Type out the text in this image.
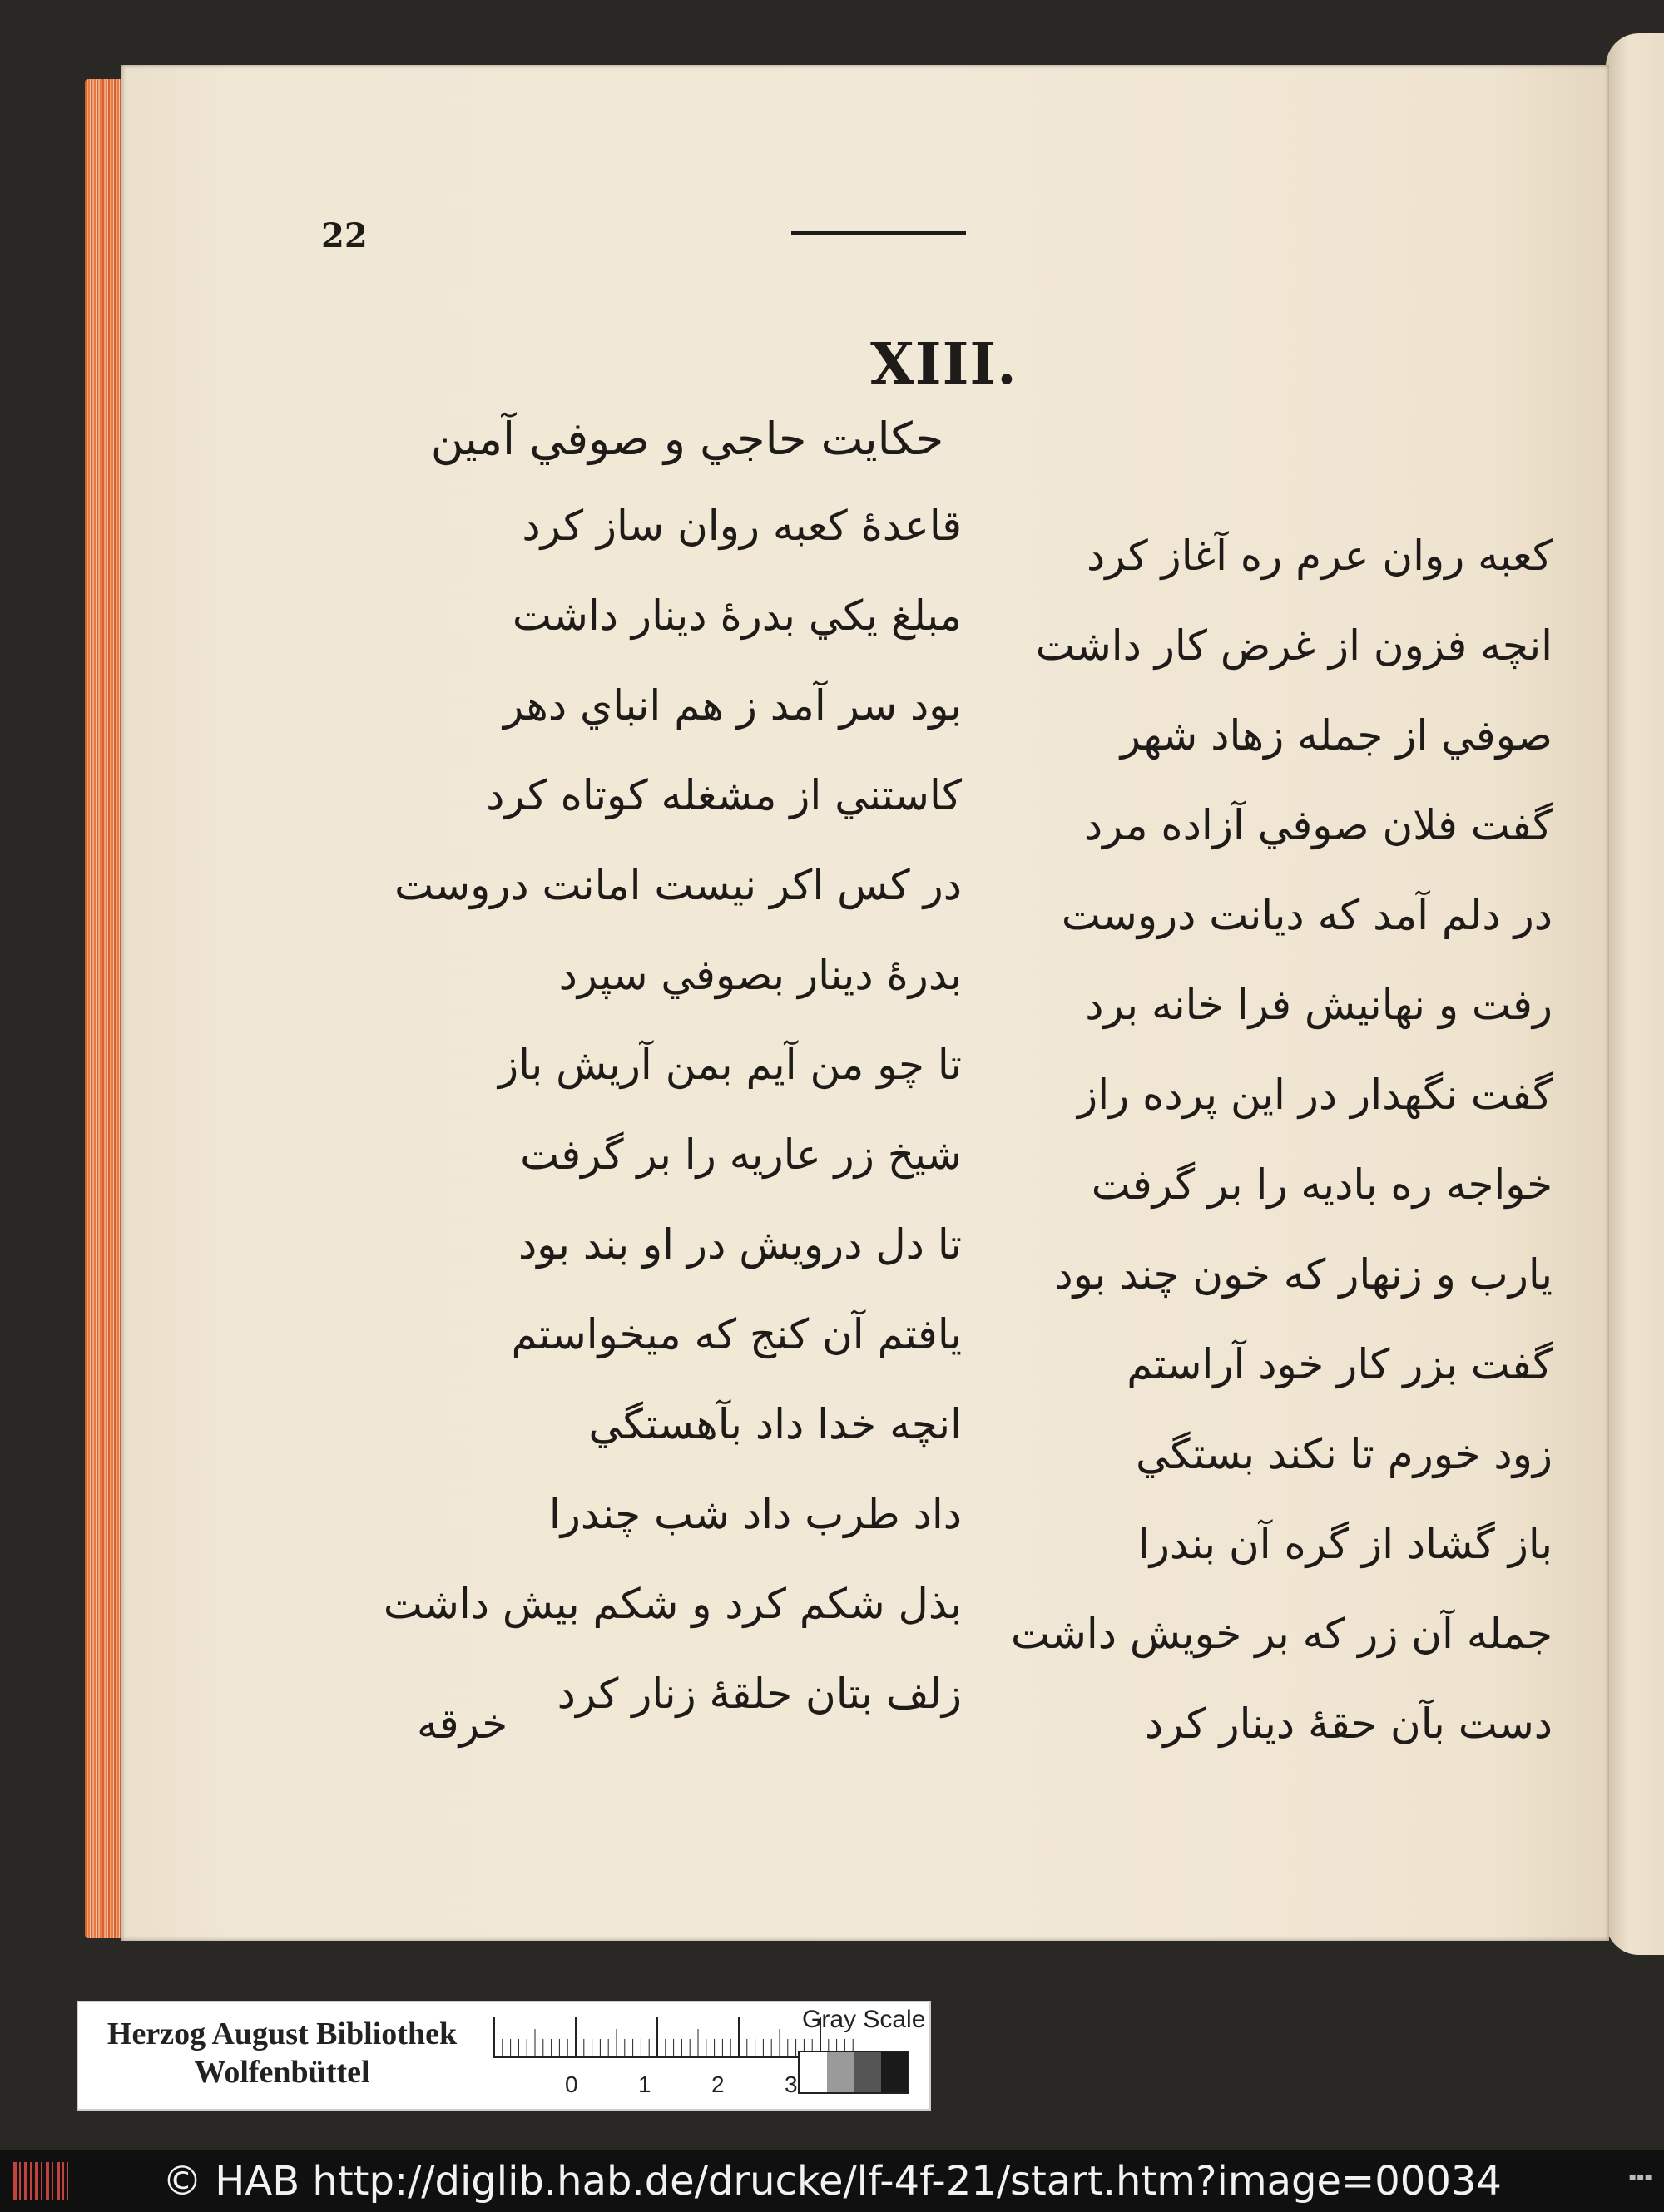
22
XIII.
حكايت حاجي و صوفي آمين
كعبه روان عرم ره آغاز كرد
انچه فزون از غرض كار داشت
صوفي از جمله زهاد شهر
گفت فلان صوفي آزاده مرد
در دلم آمد كه ديانت دروست
رفت و نهانيش فرا خانه برد
گفت نگهدار در اين پرده راز
خواجه ره باديه را بر گرفت
يارب و زنهار كه خون چند بود
گفت بزر كار خود آراستم
زود خورم تا نكند بستگي
باز گشاد از گره آن بندرا
جمله آن زر كه بر خويش داشت
دست بآن حقهٔ دينار كرد
قاعدهٔ كعبه روان ساز كرد
مبلغ يكي بدرهٔ دينار داشت
بود سر آمد ز هم انباي دهر
كاستني از مشغله كوتاه كرد
در كس اكر نيست امانت دروست
بدرهٔ دينار بصوفي سپرد
تا چو من آيم بمن آريش باز
شيخ زر عاريه را بر گرفت
تا دل درويش در او بند بود
يافتم آن كنج كه ميخواستم
انچه خدا داد بآهستگي
داد طرب داد شب چندرا
بذل شكم كرد و شكم بيش داشت
زلف بتان حلقهٔ زنار كرد
خرقه
Herzog August Bibliothek
Wolfenbüttel	0	1	2	3
Gray Scale
© HAB http://diglib.hab.de/drucke/lf-4f-21/start.htm?image=00034	▪▪▪
